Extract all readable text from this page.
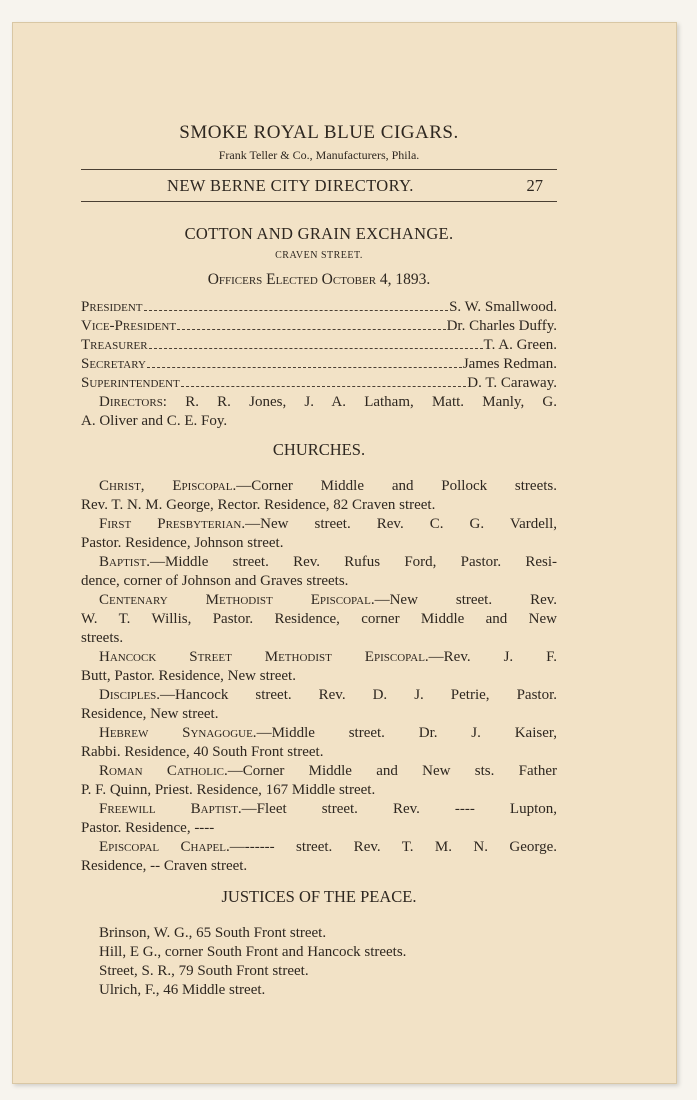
SMOKE ROYAL BLUE CIGARS.
Frank Teller & Co., Manufacturers, Phila.
NEW BERNE CITY DIRECTORY.	27
COTTON AND GRAIN EXCHANGE.
CRAVEN STREET.
Officers Elected October 4, 1893.
President	S. W. Smallwood.
Vice-President	Dr. Charles Duffy.
Treasurer	T. A. Green.
Secretary	James Redman.
Superintendent	D. T. Caraway.
Directors: R. R. Jones, J. A. Latham, Matt. Manly, G.
A. Oliver and C. E. Foy.
CHURCHES.
Christ, Episcopal.—Corner Middle and Pollock streets.
Rev. T. N. M. George, Rector. Residence, 82 Craven street.
First Presbyterian.—New street. Rev. C. G. Vardell,
Pastor. Residence, Johnson street.
Baptist.—Middle street. Rev. Rufus Ford, Pastor. Resi-
dence, corner of Johnson and Graves streets.
Centenary Methodist Episcopal.—New street. Rev.
W. T. Willis, Pastor. Residence, corner Middle and New
streets.
Hancock Street Methodist Episcopal.—Rev. J. F.
Butt, Pastor. Residence, New street.
Disciples.—Hancock street. Rev. D. J. Petrie, Pastor.
Residence, New street.
Hebrew Synagogue.—Middle street. Dr. J. Kaiser,
Rabbi. Residence, 40 South Front street.
Roman Catholic.—Corner Middle and New sts. Father
P. F. Quinn, Priest. Residence, 167 Middle street.
Freewill Baptist.—Fleet street. Rev. ---- Lupton,
Pastor. Residence, ----
Episcopal Chapel.—------ street. Rev. T. M. N. George.
Residence, -- Craven street.
JUSTICES OF THE PEACE.
Brinson, W. G., 65 South Front street.
Hill, E G., corner South Front and Hancock streets.
Street, S. R., 79 South Front street.
Ulrich, F., 46 Middle street.
